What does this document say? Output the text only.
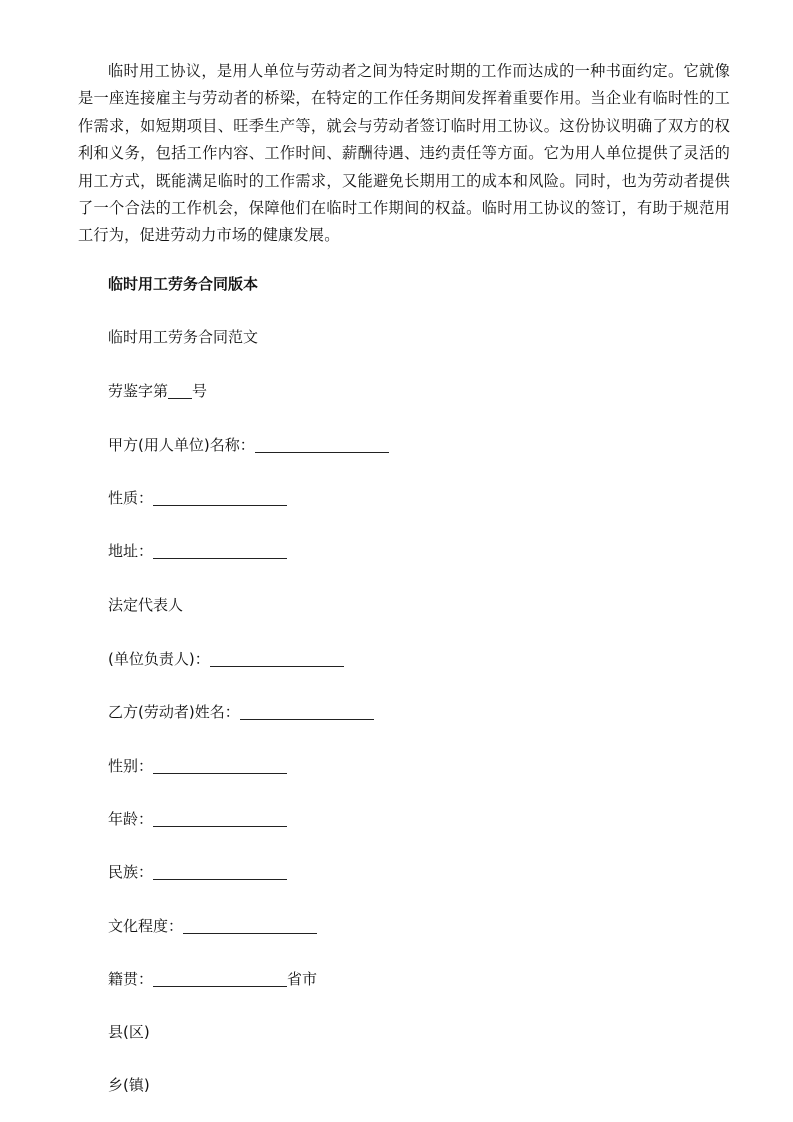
临时用工协议，是用人单位与劳动者之间为特定时期的工作而达成的一种书面约定。它就像是一座连接雇主与劳动者的桥梁，在特定的工作任务期间发挥着重要作用。当企业有临时性的工作需求，如短期项目、旺季生产等，就会与劳动者签订临时用工协议。这份协议明确了双方的权利和义务，包括工作内容、工作时间、薪酬待遇、违约责任等方面。它为用人单位提供了灵活的用工方式，既能满足临时的工作需求，又能避免长期用工的成本和风险。同时，也为劳动者提供了一个合法的工作机会，保障他们在临时工作期间的权益。临时用工协议的签订，有助于规范用工行为，促进劳动力市场的健康发展。

临时用工劳务合同版本

临时用工劳务合同范文

劳鉴字第 号

甲方(用人单位)名称：

性质：

地址：

法定代表人

(单位负责人)：

乙方(劳动者)姓名：

性别：

年龄：

民族：

文化程度：

籍贯：	省市

县(区)

乡(镇)
